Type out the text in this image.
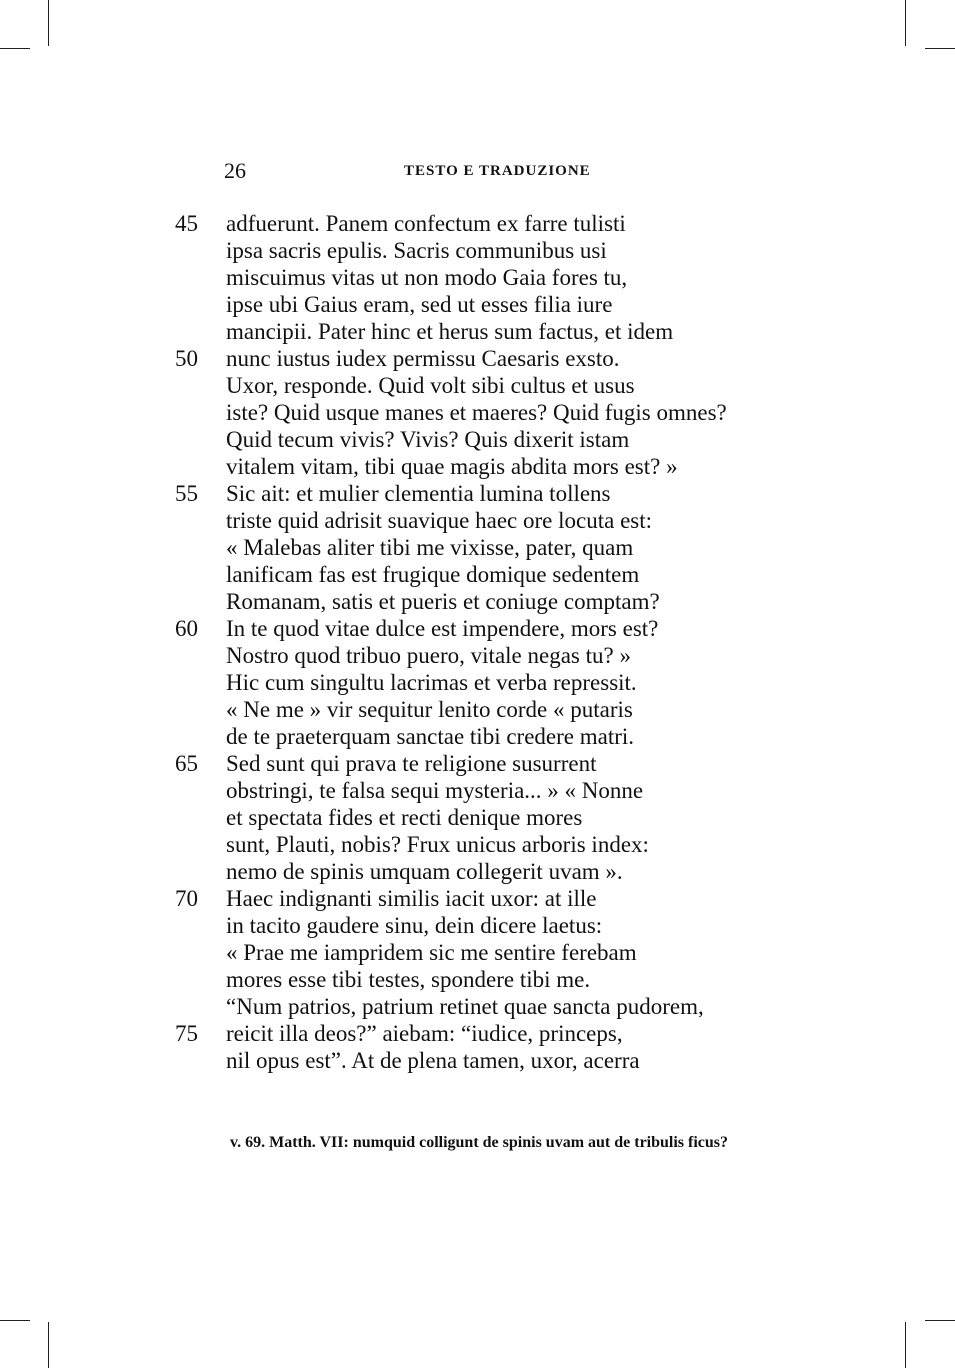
26	TESTO E TRADUZIONE
45	adfuerunt. Panem confectum ex farre tulisti
ipsa sacris epulis. Sacris communibus usi
miscuimus vitas ut non modo Gaia fores tu,
ipse ubi Gaius eram, sed ut esses filia iure
mancipii. Pater hinc et herus sum factus, et idem
50	nunc iustus iudex permissu Caesaris exsto.
Uxor, responde. Quid volt sibi cultus et usus
iste? Quid usque manes et maeres? Quid fugis omnes?
Quid tecum vivis? Vivis? Quis dixerit istam
vitalem vitam, tibi quae magis abdita mors est? »
55	Sic ait: et mulier clementia lumina tollens
triste quid adrisit suavique haec ore locuta est:
« Malebas aliter tibi me vixisse, pater, quam
lanificam fas est frugique domique sedentem
Romanam, satis et pueris et coniuge comptam?
60	In te quod vitae dulce est impendere, mors est?
Nostro quod tribuo puero, vitale negas tu? »
Hic cum singultu lacrimas et verba repressit.
« Ne me » vir sequitur lenito corde « putaris
de te praeterquam sanctae tibi credere matri.
65	Sed sunt qui prava te religione susurrent
obstringi, te falsa sequi mysteria... » « Nonne
et spectata fides et recti denique mores
sunt, Plauti, nobis? Frux unicus arboris index:
nemo de spinis umquam collegerit uvam ».
70	Haec indignanti similis iacit uxor: at ille
in tacito gaudere sinu, dein dicere laetus:
« Prae me iampridem sic me sentire ferebam
mores esse tibi testes, spondere tibi me.
“Num patrios, patrium retinet quae sancta pudorem,
75	reicit illa deos?” aiebam: “iudice, princeps,
nil opus est”. At de plena tamen, uxor, acerra
v. 69. Matth. VII: numquid colligunt de spinis uvam aut de tribulis ficus?
